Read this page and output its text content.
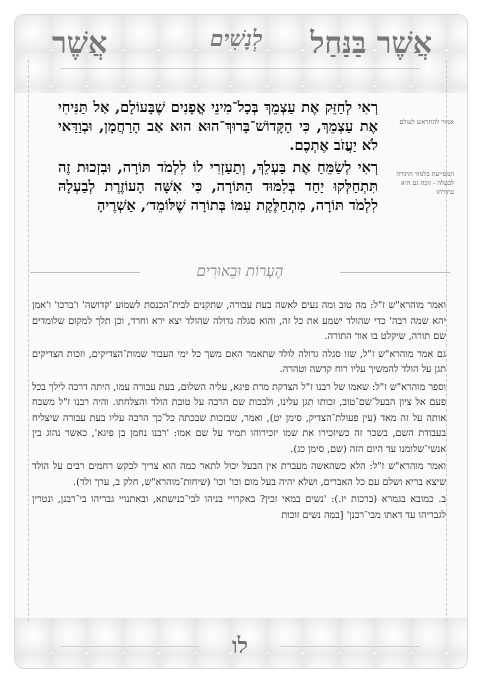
אֲשֶׁר בַּנַּחַל
לְנָשִׁים
אֲשֶׁר
רְאִי לְחַזֵּק אֶת עַצְמֵךְ בְּכָל־מִינֵי אֳפָנִים שֶׁבָּעוֹלָם, אַל תַּנִּיחִי אֶת עַצְמֵךְ, כִּי הַקָּדוֹשׁ־בָּרוּךְ־הוּא הוּא אַב הָרַחֲמָן, וּבְוַדַּאי לֹא יַעֲזֹב אֶתְכֶם.
רְאִי לְשַׂמֵּחַ אֶת בַּעְלֵךְ, וְתַעַזְרִי לוֹ לִלְמֹד תּוֹרָה, וּבִזְכוּת זֶה תִּתְחַלְּקוּ יַחַד בְּלִמּוּד הַתּוֹרָה, כִּי אִשָּׁה הָעוֹזֶרֶת לְבַעְלָהּ לִלְמֹד תּוֹרָה, מִתְחַלֶּקֶת עִמּוֹ בְּתוֹרָה שֶׁלּוֹמֵד׳, אַשְׁרֶיהָ
אמור להתראש לעולם
המסייעת בלמוד התורה לבעלה - זוכה גם היא בתורתו
הֶעָרוֹת וּבֵאוּרִים

ואמר מוהרא"ש ז"ל: מה טוב ומה נעים לאשה בעת עבורה, שתקנים לבית־הכנסת לשמוע 'קדושה' ו'ברכו' ו'אמן יהא שמה רבה' כדי שהולד ישמע את כל זה, והוא סגלה גדולה שהולד יצא ירא וחרד, וכן תלך למקום שלומדים שם תורה, שיקלט בו אור התורה.

גם אמר מוהרא"ש ז"ל, שזו סגלה גדולה לולד שתאמר האם משך כל ימי העבור שמות־הצדיקים, וזכות הצדיקים תגן על הולד להמשיך עליו רוח קדשה וטהרה.

וספר מוהרא"ש ז"ל: שאמו של רבנו ז"ל הצדקת מרת פיגא, עליה השלום, בעת עבורה עמו, היתה דרכה לילך בכל פעם אל ציון הבעל־שם־טוב, זכותו תגן עלינו, ולבכות שם הרבה על טובת הולד והצלחתו. והיה רבנו ז"ל משבח אותה על זה מאד (עין פעולת־הצדיק, סימן יט), ואמר, שבזכות שבכתה כל־כך הרבה עליו בעת עבורה שיצליח בעבודת השם, בשכר זה כשיזכירו את שמו יזכירוהו תמיד על שם אמו: 'רבנו נחמן בן פיגא', כאשר נהוג בין אנשי־שלומנו עד היום הזה (שם, סימן כג).

ואמר מוהרא"ש ז"ל: הלא כשהאשה מעברת אין הבעל יכול לתאר כמה הוא צריך לבקש רחמים רבים על הולד שיצא בריא ושלם עם כל האברים, ושלא יהיה בעל מום וכו' וכו' (שיחות־מוהרא"ש, חלק ב, ערך ולד).

ב. כמובא בגמרא (ברכות יז.): 'נשים במאי זכין? באקרויי בניהו לבי־כנישתא, ובאתנויי גבריהו בי־רבנן, ונטרין לגבריהו עד דאתו מבי־רבנן' [במה נשים זוכות

לו
